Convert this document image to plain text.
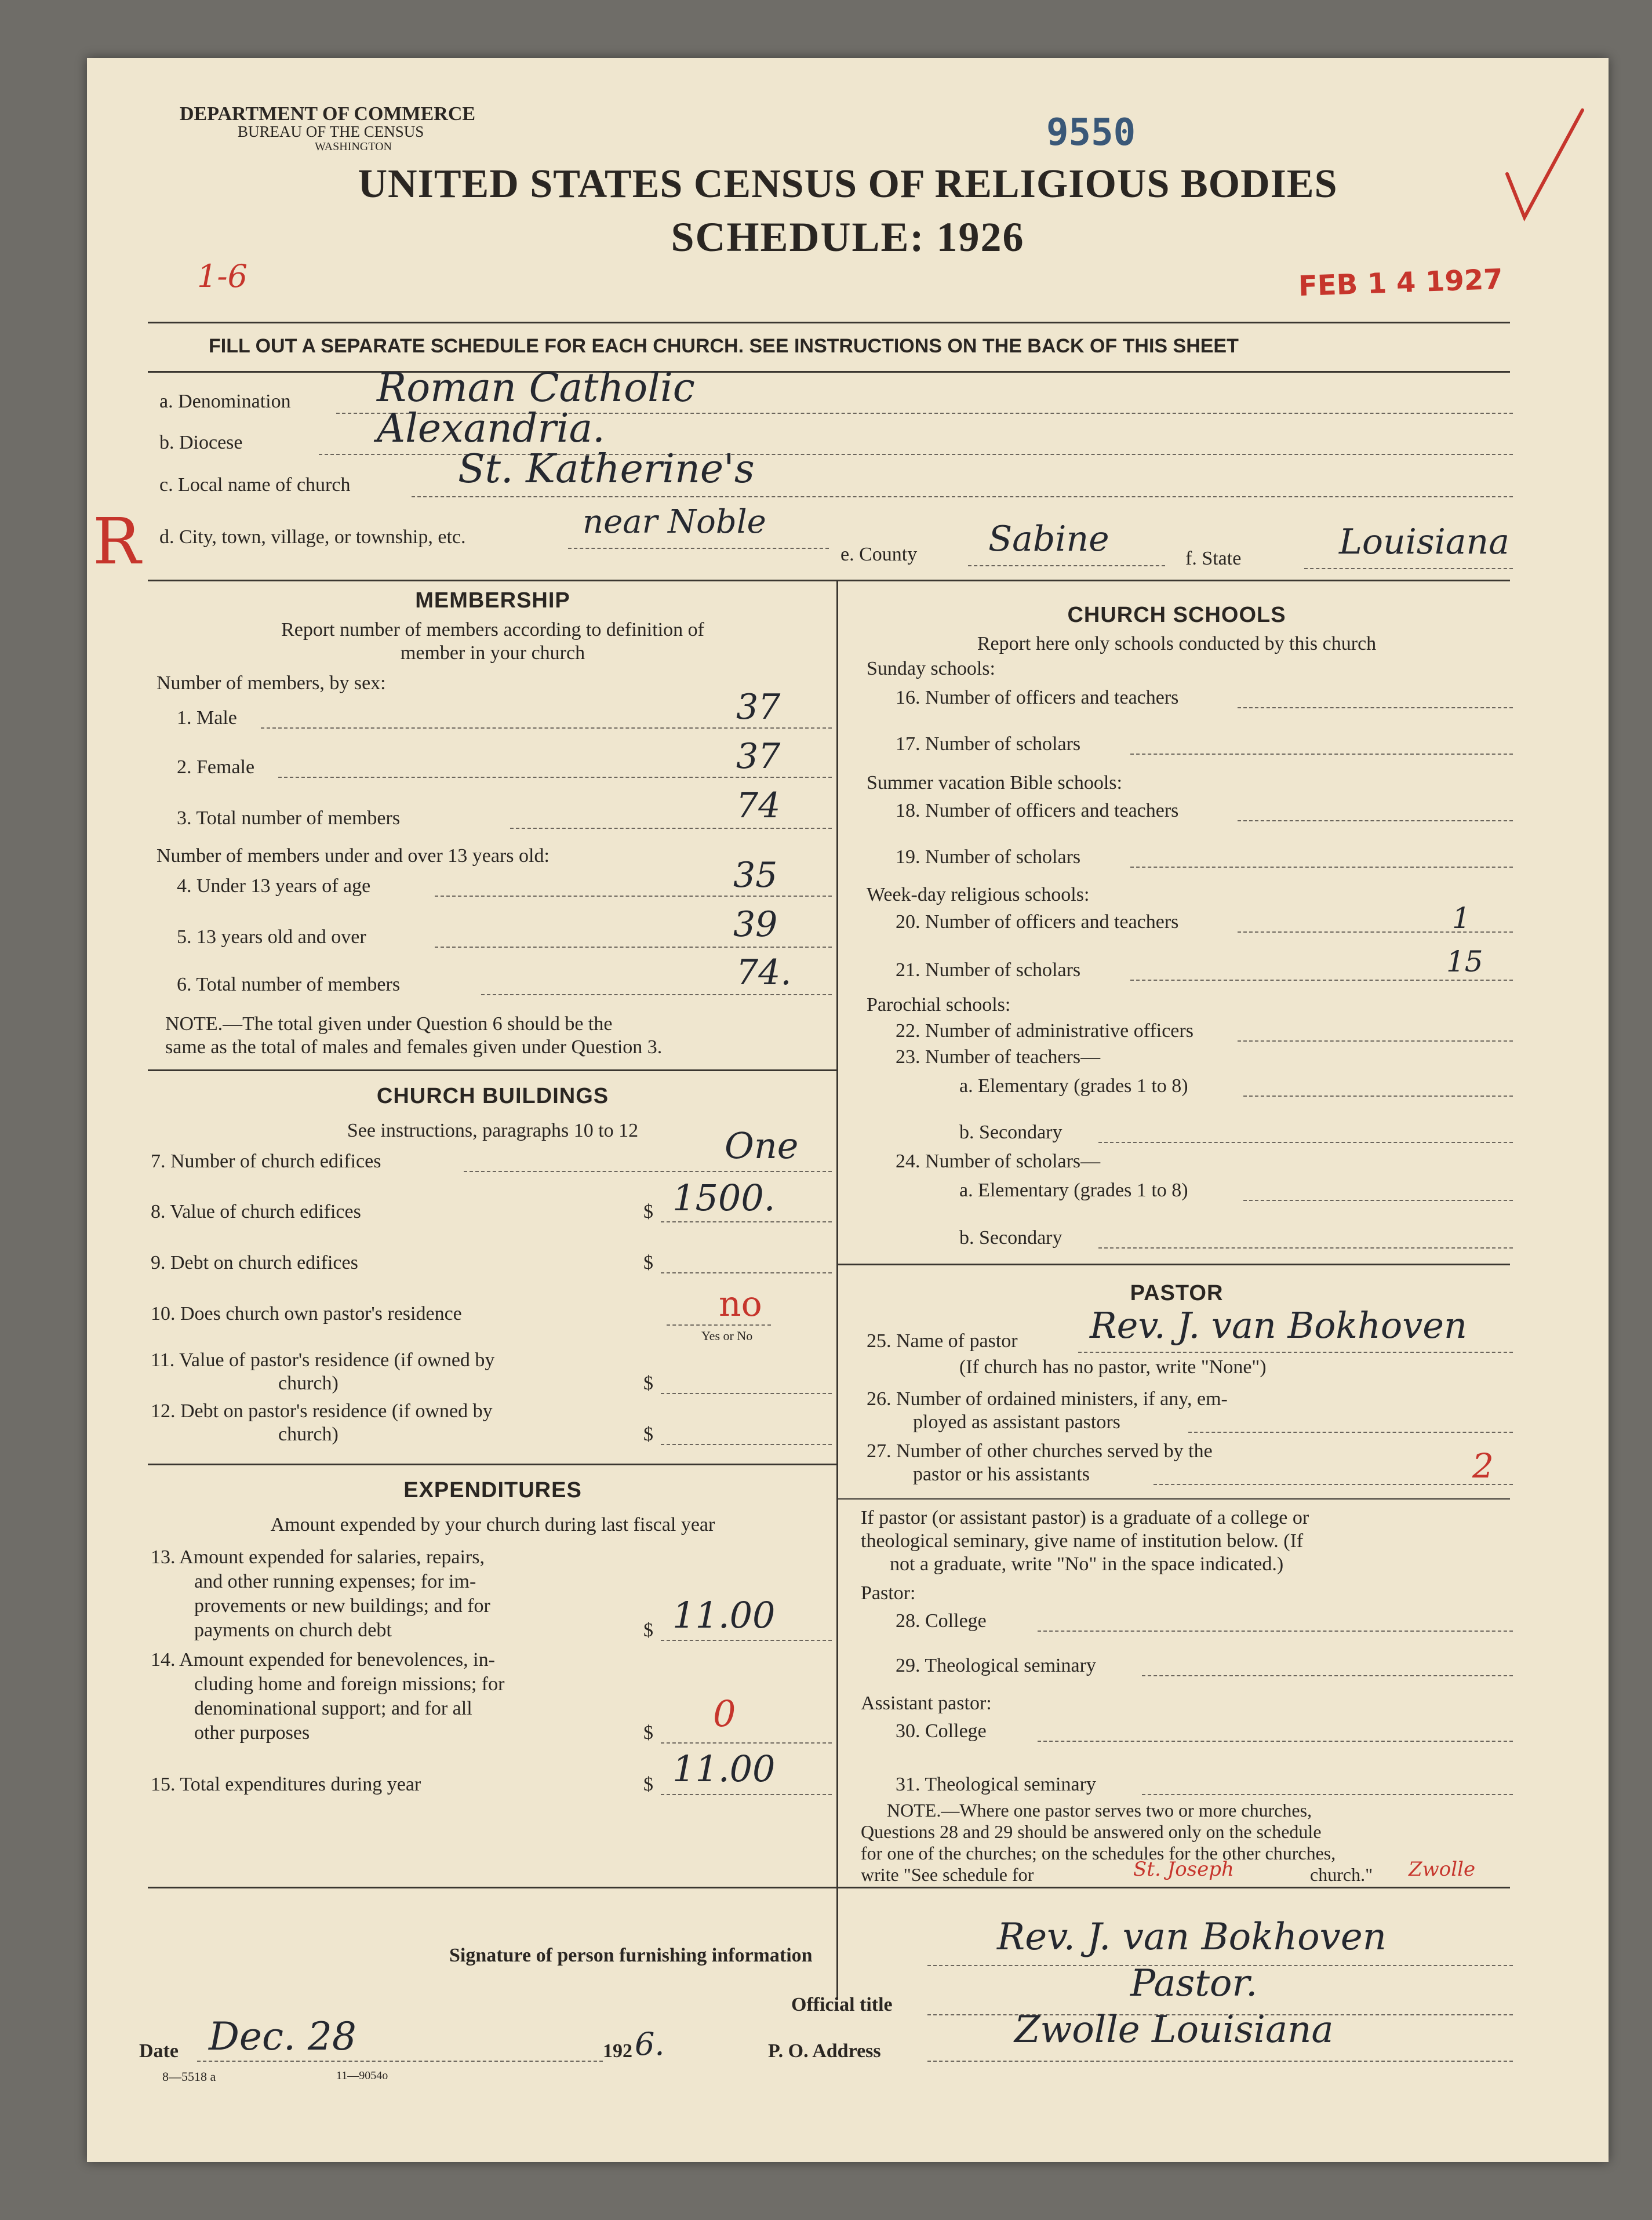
DEPARTMENT OF COMMERCE
BUREAU OF THE CENSUS
WASHINGTON	9550
UNITED STATES CENSUS OF RELIGIOUS BODIES
SCHEDULE: 1926
FEB 1 4 1927
1-6
FILL OUT A SEPARATE SCHEDULE FOR EACH CHURCH. SEE INSTRUCTIONS ON THE BACK OF THIS SHEET
a. Denomination Roman Catholic
b. Diocese	Alexandria.
c. Local name of church	St. Katherine's
R d. City, town, village, or township, etc.	near Noble
e. County Sabine	f. State	Louisiana
MEMBERSHIP
Report number of members according to definition of
member in your church
Number of members, by sex:
1. Male	37
2. Female	37
3. Total number of members	74
Number of members under and over 13 years old:
4. Under 13 years of age	35
5. 13 years old and over	39
6. Total number of members	74.
NOTE.—The total given under Question 6 should be the
same as the total of males and females given under Question 3.
CHURCH BUILDINGS
See instructions, paragraphs 10 to 12
7. Number of church edifices	One
8. Value of church edifices	$ 1500.
9. Debt on church edifices	$
10. Does church own pastor's residence	no
Yes or No
11. Value of pastor's residence (if owned by
church)	$
12. Debt on pastor's residence (if owned by
church)	$
EXPENDITURES
Amount expended by your church during last fiscal year
13. Amount expended for salaries, repairs,
and other running expenses; for im-
provements or new buildings; and for
payments on church debt	$ 11.00
14. Amount expended for benevolences, in-
cluding home and foreign missions; for
denominational support; and for all
other purposes	$ 0
15. Total expenditures during year	$ 11.00
CHURCH SCHOOLS
Report here only schools conducted by this church
Sunday schools:
16. Number of officers and teachers
17. Number of scholars
Summer vacation Bible schools:
18. Number of officers and teachers
19. Number of scholars
Week-day religious schools:
20. Number of officers and teachers	1
21. Number of scholars	15
Parochial schools:
22. Number of administrative officers
23. Number of teachers—
a. Elementary (grades 1 to 8)
b. Secondary
24. Number of scholars—
a. Elementary (grades 1 to 8)
b. Secondary
PASTOR
25. Name of pastor Rev. J. van Bokhoven
(If church has no pastor, write "None")
26. Number of ordained ministers, if any, em-
ployed as assistant pastors
27. Number of other churches served by the
pastor or his assistants	2
If pastor (or assistant pastor) is a graduate of a college or
theological seminary, give name of institution below. (If
not a graduate, write "No" in the space indicated.)
Pastor:
28. College
29. Theological seminary
Assistant pastor:
30. College
31. Theological seminary
NOTE.—Where one pastor serves two or more churches,
Questions 28 and 29 should be answered only on the schedule
for one of the churches; on the schedules for the other churches,
write "See schedule for	St. Joseph	church." Zwolle
Signature of person furnishing information	Rev. J. van Bokhoven
Official title	Pastor.
Date Dec. 28	192 6.	P. O. Address	Zwolle Louisiana
8—5518 a	11—9054o
